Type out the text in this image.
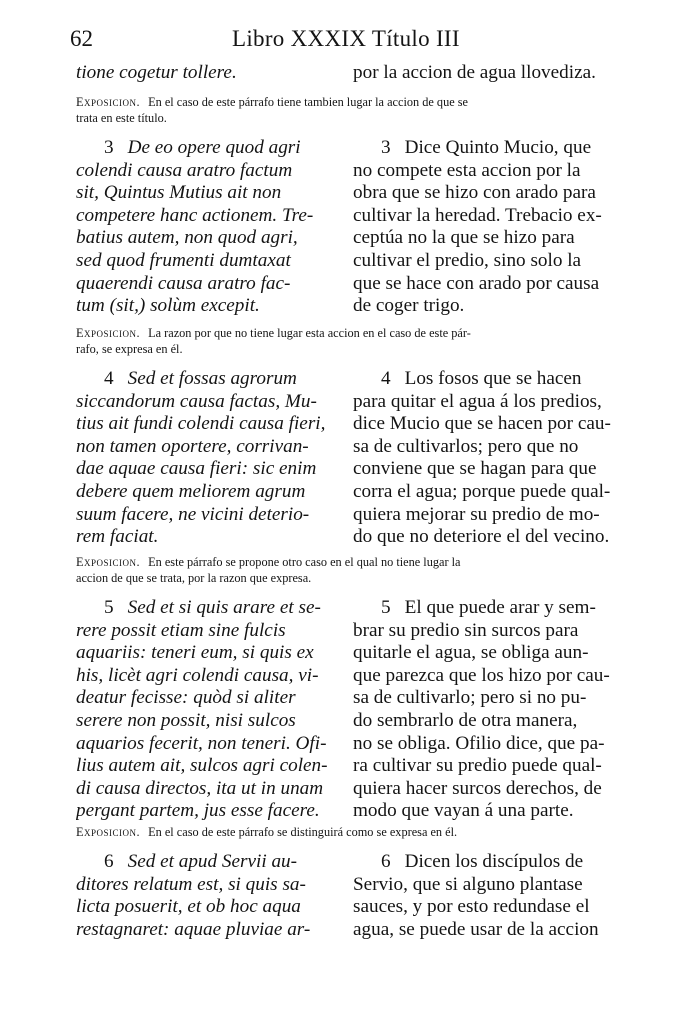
62	Libro XXXIX Título III
tione cogetur tollere.	por la accion de agua llovediza.
Exposicion. En el caso de este párrafo tiene tambien lugar la accion de que se
trata en este título.
3 De eo opere quod agri
colendi causa aratro factum
sit, Quintus Mutius ait non
competere hanc actionem. Tre-
batius autem, non quod agri,
sed quod frumenti dumtaxat
quaerendi causa aratro fac-
tum (sit,) solùm excepit.
3 Dice Quinto Mucio, que
no compete esta accion por la
obra que se hizo con arado para
cultivar la heredad. Trebacio ex-
ceptúa no la que se hizo para
cultivar el predio, sino solo la
que se hace con arado por causa
de coger trigo.
Exposicion. La razon por que no tiene lugar esta accion en el caso de este pár-
rafo, se expresa en él.
4 Sed et fossas agrorum
siccandorum causa factas, Mu-
tius ait fundi colendi causa fieri,
non tamen oportere, corrivan-
dae aquae causa fieri: sic enim
debere quem meliorem agrum
suum facere, ne vicini deterio-
rem faciat.
4 Los fosos que se hacen
para quitar el agua á los predios,
dice Mucio que se hacen por cau-
sa de cultivarlos; pero que no
conviene que se hagan para que
corra el agua; porque puede qual-
quiera mejorar su predio de mo-
do que no deteriore el del vecino.
Exposicion. En este párrafo se propone otro caso en el qual no tiene lugar la
accion de que se trata, por la razon que expresa.
5 Sed et si quis arare et se-
rere possit etiam sine fulcis
aquariis: teneri eum, si quis ex
his, licèt agri colendi causa, vi-
deatur fecisse: quòd si aliter
serere non possit, nisi sulcos
aquarios fecerit, non teneri. Ofi-
lius autem ait, sulcos agri colen-
di causa directos, ita ut in unam
pergant partem, jus esse facere.
5 El que puede arar y sem-
brar su predio sin surcos para
quitarle el agua, se obliga aun-
que parezca que los hizo por cau-
sa de cultivarlo; pero si no pu-
do sembrarlo de otra manera,
no se obliga. Ofilio dice, que pa-
ra cultivar su predio puede qual-
quiera hacer surcos derechos, de
modo que vayan á una parte.
Exposicion. En el caso de este párrafo se distinguirá como se expresa en él.
6 Sed et apud Servii au-
ditores relatum est, si quis sa-
licta posuerit, et ob hoc aqua
restagnaret: aquae pluviae ar-
6 Dicen los discípulos de
Servio, que si alguno plantase
sauces, y por esto redundase el
agua, se puede usar de la accion
